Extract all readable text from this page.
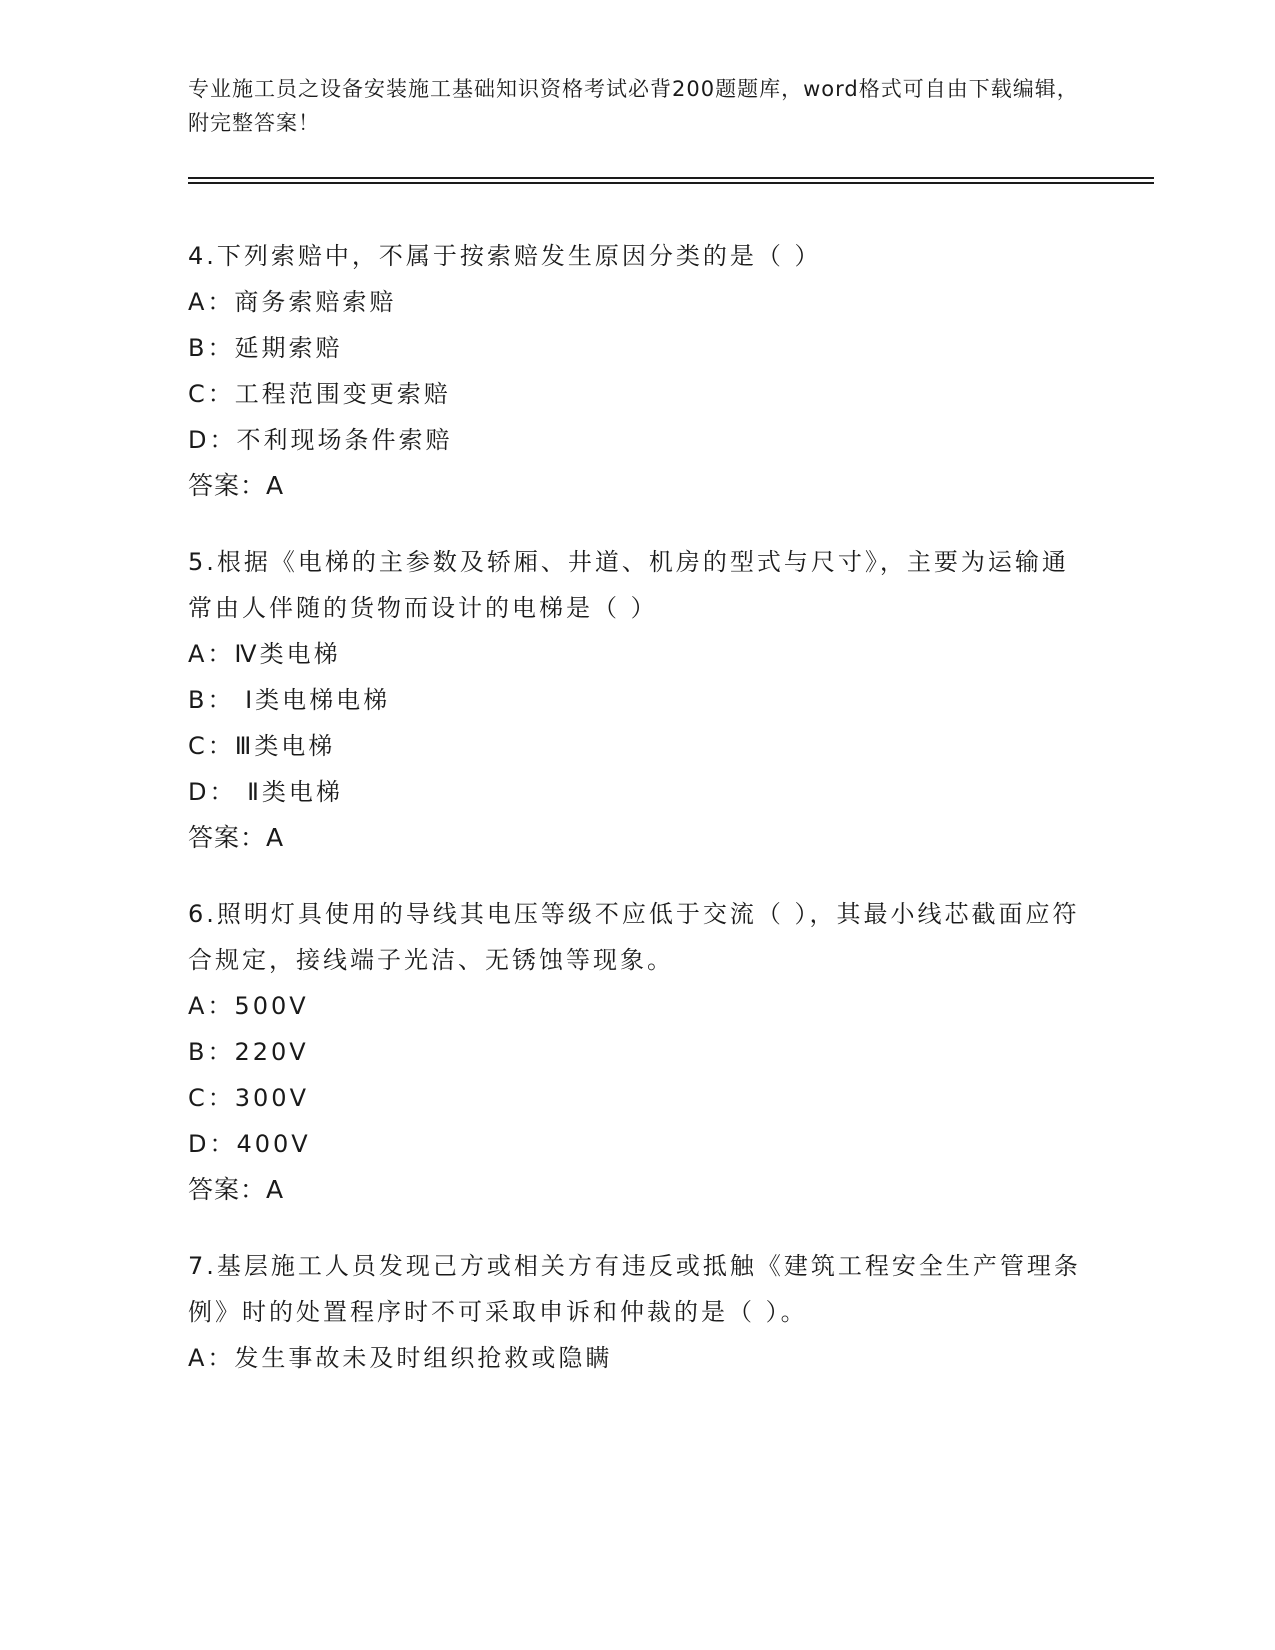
专业施工员之设备安装施工基础知识资格考试必背200题题库，word格式可自由下载编辑，附完整答案！

4.下列索赔中，不属于按索赔发生原因分类的是（ ）

A：商务索赔索赔
B：延期索赔
C：工程范围变更索赔
D：不利现场条件索赔
答案：A

5.根据《电梯的主参数及轿厢、井道、机房的型式与尺寸》，主要为运输通常由人伴随的货物而设计的电梯是（ ）

A：Ⅳ类电梯
B： Ⅰ类电梯电梯
C：Ⅲ类电梯
D： Ⅱ类电梯
答案：A

6.照明灯具使用的导线其电压等级不应低于交流（ ），其最小线芯截面应符合规定，接线端子光洁、无锈蚀等现象。

A：500V
B：220V
C：300V
D：400V
答案：A

7.基层施工人员发现己方或相关方有违反或抵触《建筑工程安全生产管理条例》时的处置程序时不可采取申诉和仲裁的是（ ）。

A：发生事故未及时组织抢救或隐瞒
